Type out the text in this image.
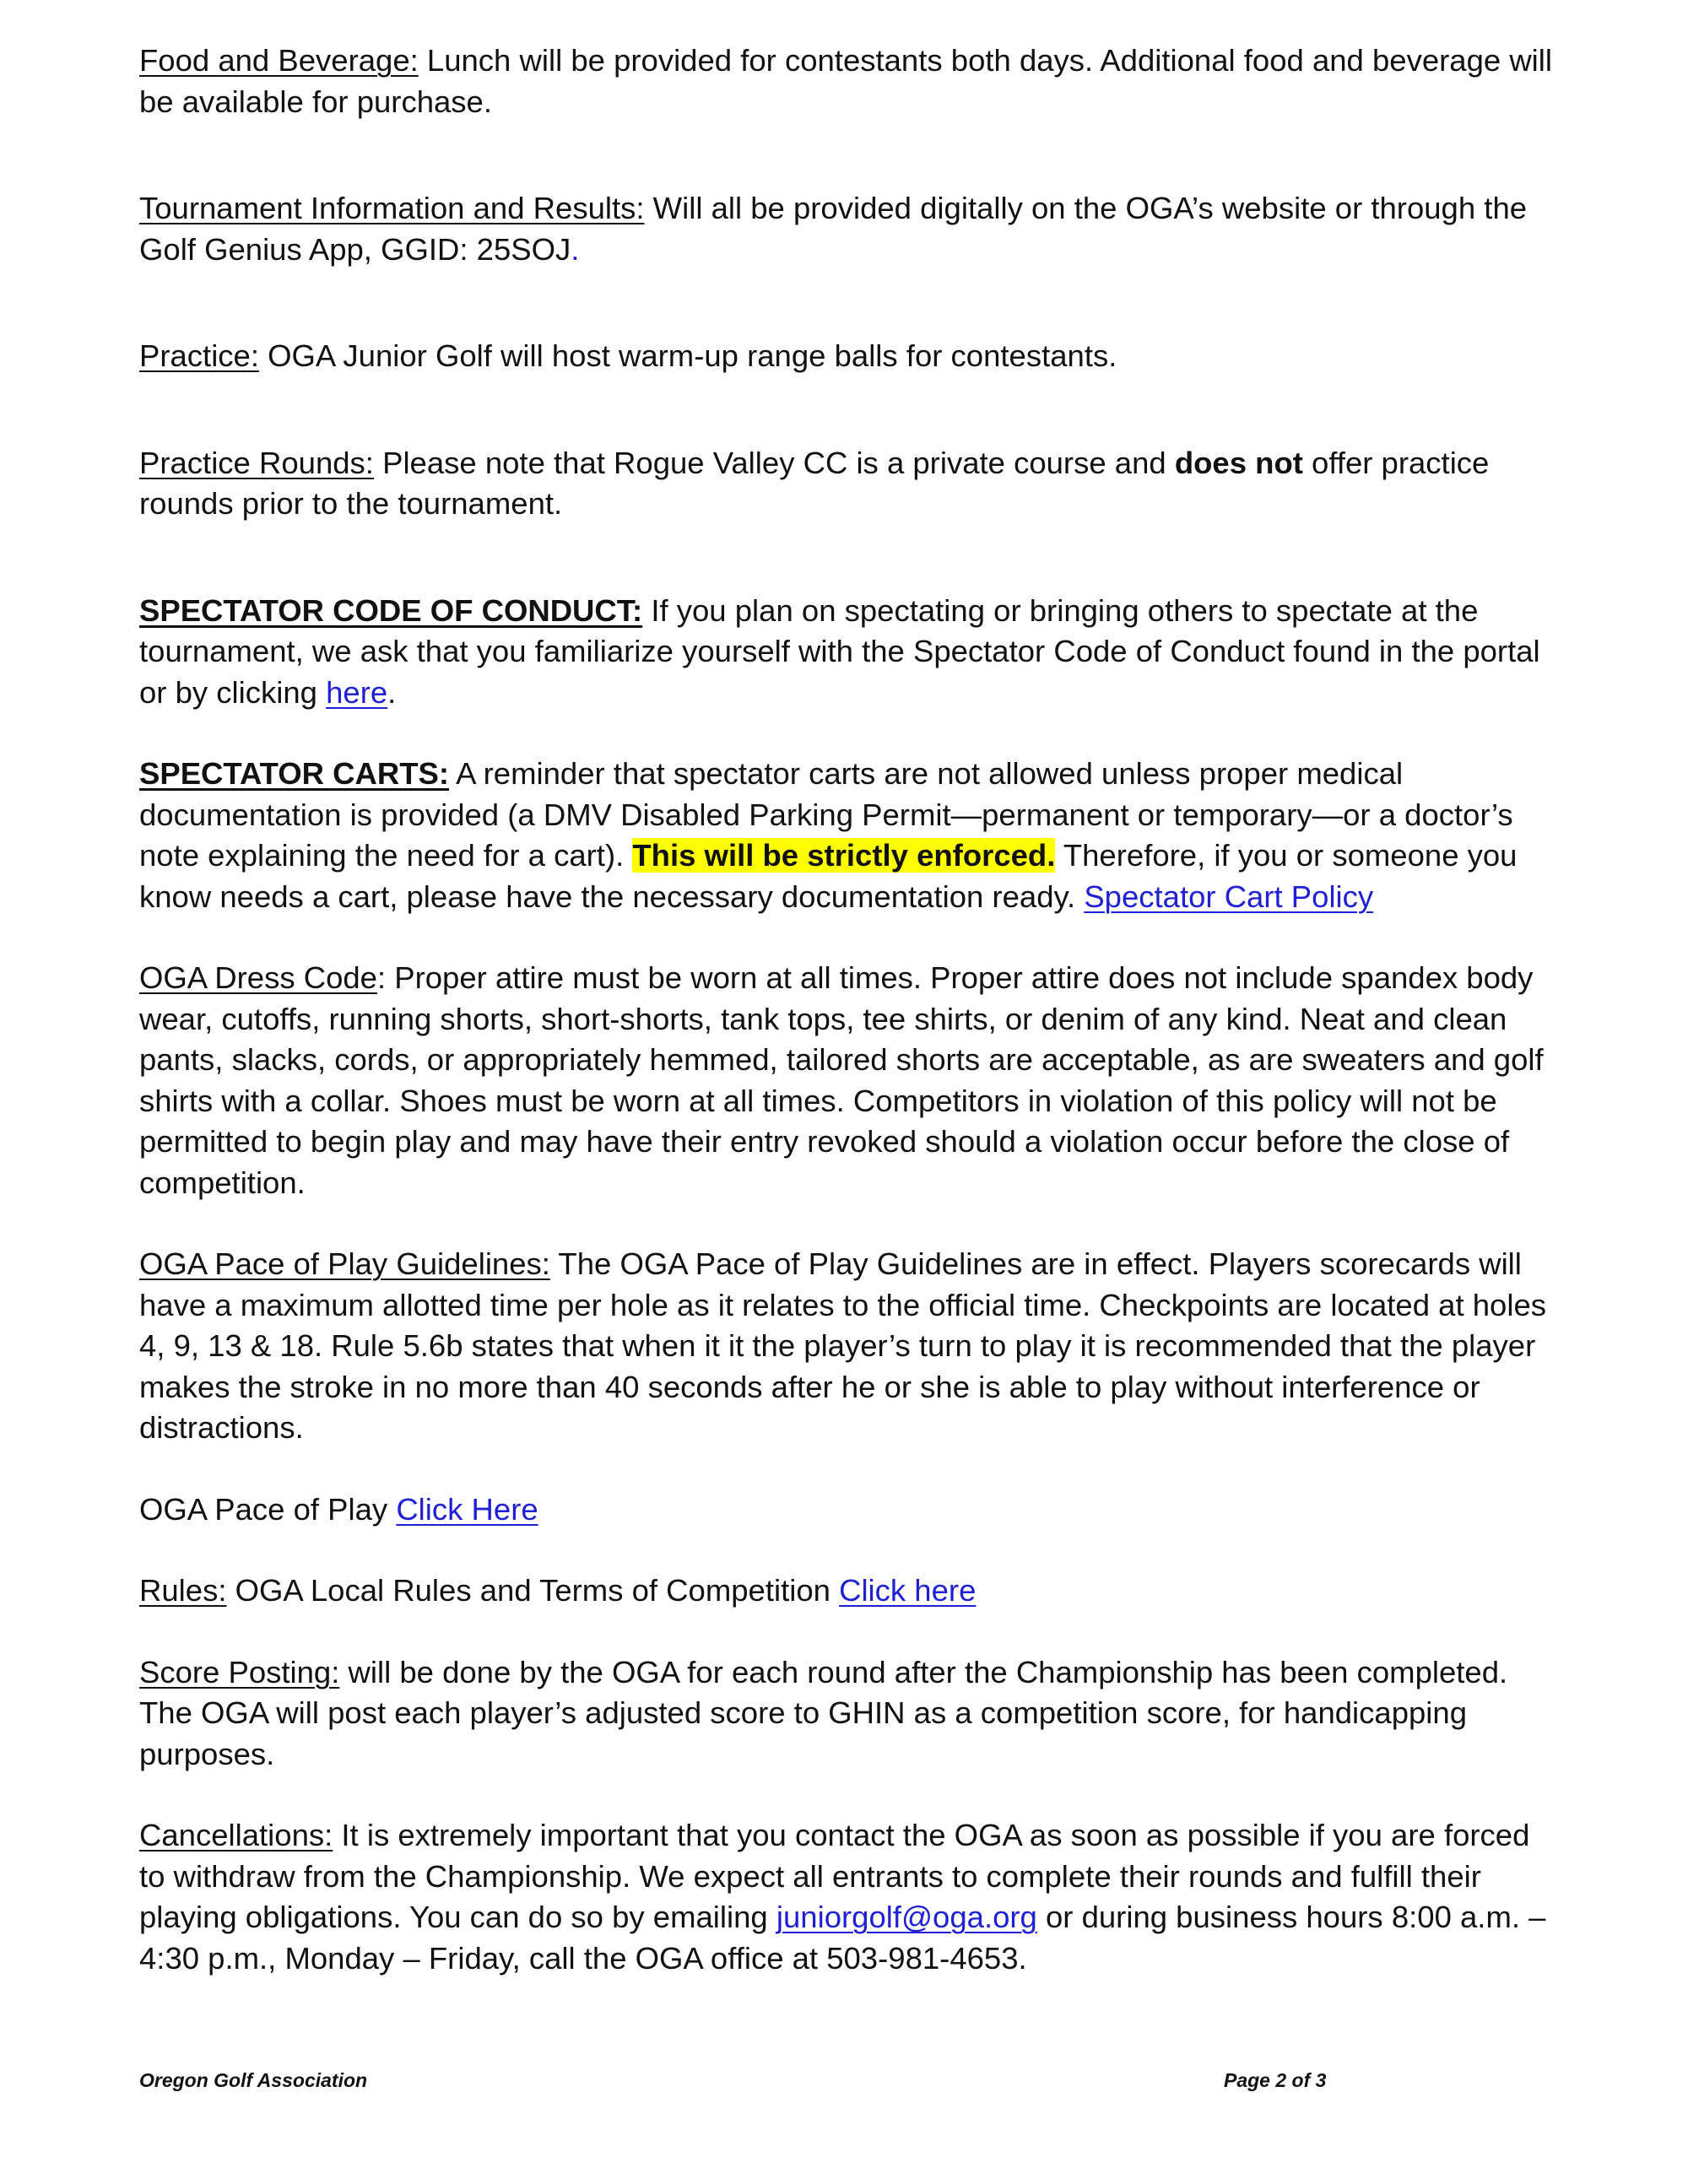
Food and Beverage: Lunch will be provided for contestants both days. Additional food and beverage will be available for purchase.

Tournament Information and Results: Will all be provided digitally on the OGA’s website or through the Golf Genius App, GGID: 25SOJ.

Practice: OGA Junior Golf will host warm-up range balls for contestants.

Practice Rounds: Please note that Rogue Valley CC is a private course and does not offer practice rounds prior to the tournament.

SPECTATOR CODE OF CONDUCT: If you plan on spectating or bringing others to spectate at the tournament, we ask that you familiarize yourself with the Spectator Code of Conduct found in the portal or by clicking here.

SPECTATOR CARTS: A reminder that spectator carts are not allowed unless proper medical documentation is provided (a DMV Disabled Parking Permit—permanent or temporary—or a doctor’s note explaining the need for a cart). This will be strictly enforced. Therefore, if you or someone you know needs a cart, please have the necessary documentation ready. Spectator Cart Policy

OGA Dress Code: Proper attire must be worn at all times. Proper attire does not include spandex body wear, cutoffs, running shorts, short-shorts, tank tops, tee shirts, or denim of any kind. Neat and clean pants, slacks, cords, or appropriately hemmed, tailored shorts are acceptable, as are sweaters and golf shirts with a collar. Shoes must be worn at all times. Competitors in violation of this policy will not be permitted to begin play and may have their entry revoked should a violation occur before the close of competition.

OGA Pace of Play Guidelines: The OGA Pace of Play Guidelines are in effect. Players scorecards will have a maximum allotted time per hole as it relates to the official time. Checkpoints are located at holes 4, 9, 13 & 18. Rule 5.6b states that when it it the player’s turn to play it is recommended that the player makes the stroke in no more than 40 seconds after he or she is able to play without interference or distractions.

OGA Pace of Play Click Here

Rules: OGA Local Rules and Terms of Competition Click here

Score Posting: will be done by the OGA for each round after the Championship has been completed. The OGA will post each player’s adjusted score to GHIN as a competition score, for handicapping purposes.

Cancellations: It is extremely important that you contact the OGA as soon as possible if you are forced to withdraw from the Championship. We expect all entrants to complete their rounds and fulfill their playing obligations. You can do so by emailing juniorgolf@oga.org or during business hours 8:00 a.m. – 4:30 p.m., Monday – Friday, call the OGA office at 503-981-4653.

Oregon Golf Association	Page 2 of 3
